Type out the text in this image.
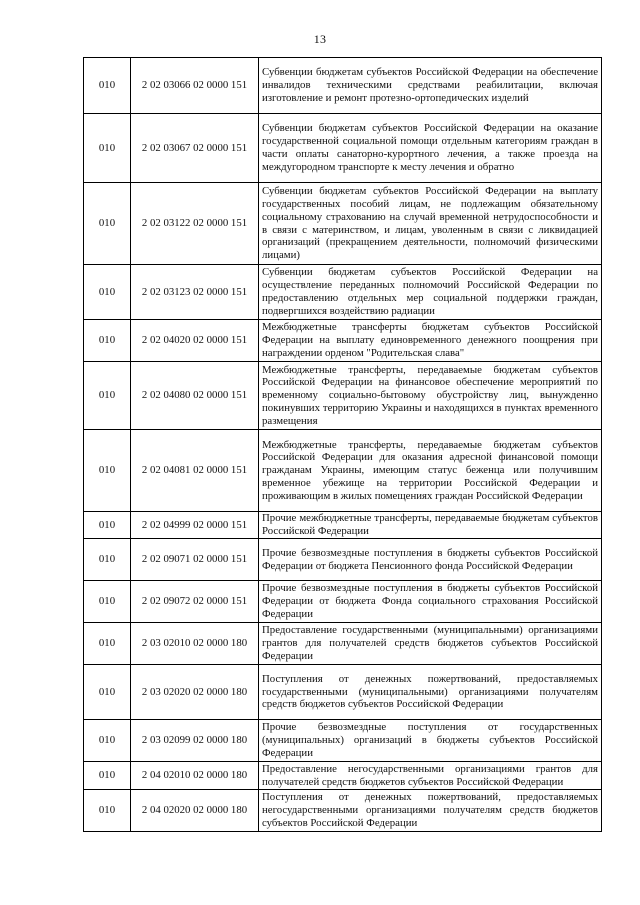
13
010	2 02 03066 02 0000 151	Субвенции бюджетам субъектов Российской Федерации на обеспечение инвалидов техническими средствами реабилитации, включая изготовление и ремонт протезно-ортопедических изделий
010	2 02 03067 02 0000 151	Субвенции бюджетам субъектов Российской Федерации на оказание государственной социальной помощи отдельным категориям граждан в части оплаты санаторно-курортного лечения, а также проезда на междугородном транспорте к месту лечения и обратно
010	2 02 03122 02 0000 151	Субвенции бюджетам субъектов Российской Федерации на выплату государственных пособий лицам, не подлежащим обязательному социальному страхованию на случай временной нетрудоспособности и в связи с материнством, и лицам, уволенным в связи с ликвидацией организаций (прекращением деятельности, полномочий физическими лицами)
010	2 02 03123 02 0000 151	Субвенции бюджетам субъектов Российской Федерации на осуществление переданных полномочий Российской Федерации по предоставлению отдельных мер социальной поддержки граждан, подвергшихся воздействию радиации
010	2 02 04020 02 0000 151	Межбюджетные трансферты бюджетам субъектов Российской Федерации на выплату единовременного денежного поощрения при награждении орденом "Родительская слава"
010	2 02 04080 02 0000 151	Межбюджетные трансферты, передаваемые бюджетам субъектов Российской Федерации на финансовое обеспечение мероприятий по временному социально-бытовому обустройству лиц, вынужденно покинувших территорию Украины и находящихся в пунктах временного размещения
010	2 02 04081 02 0000 151	Межбюджетные трансферты, передаваемые бюджетам субъектов Российской Федерации для оказания адресной финансовой помощи гражданам Украины, имеющим статус беженца или получившим временное убежище на территории Российской Федерации и проживающим в жилых помещениях граждан Российской Федерации
010	2 02 04999 02 0000 151	Прочие межбюджетные трансферты, передаваемые бюджетам субъектов Российской Федерации
010	2 02 09071 02 0000 151	Прочие безвозмездные поступления в бюджеты субъектов Российской Федерации от бюджета Пенсионного фонда Российской Федерации
010	2 02 09072 02 0000 151	Прочие безвозмездные поступления в бюджеты субъектов Российской Федерации от бюджета Фонда социального страхования Российской Федерации
010	2 03 02010 02 0000 180	Предоставление государственными (муниципальными) организациями грантов для получателей средств бюджетов субъектов Российской Федерации
010	2 03 02020 02 0000 180	Поступления от денежных пожертвований, предоставляемых государственными (муниципальными) организациями получателям средств бюджетов субъектов Российской Федерации
010	2 03 02099 02 0000 180	Прочие безвозмездные поступления от государственных (муниципальных) организаций в бюджеты субъектов Российской Федерации
010	2 04 02010 02 0000 180	Предоставление негосударственными организациями грантов для получателей средств бюджетов субъектов Российской Федерации
010	2 04 02020 02 0000 180	Поступления от денежных пожертвований, предоставляемых негосударственными организациями получателям средств бюджетов субъектов Российской Федерации
